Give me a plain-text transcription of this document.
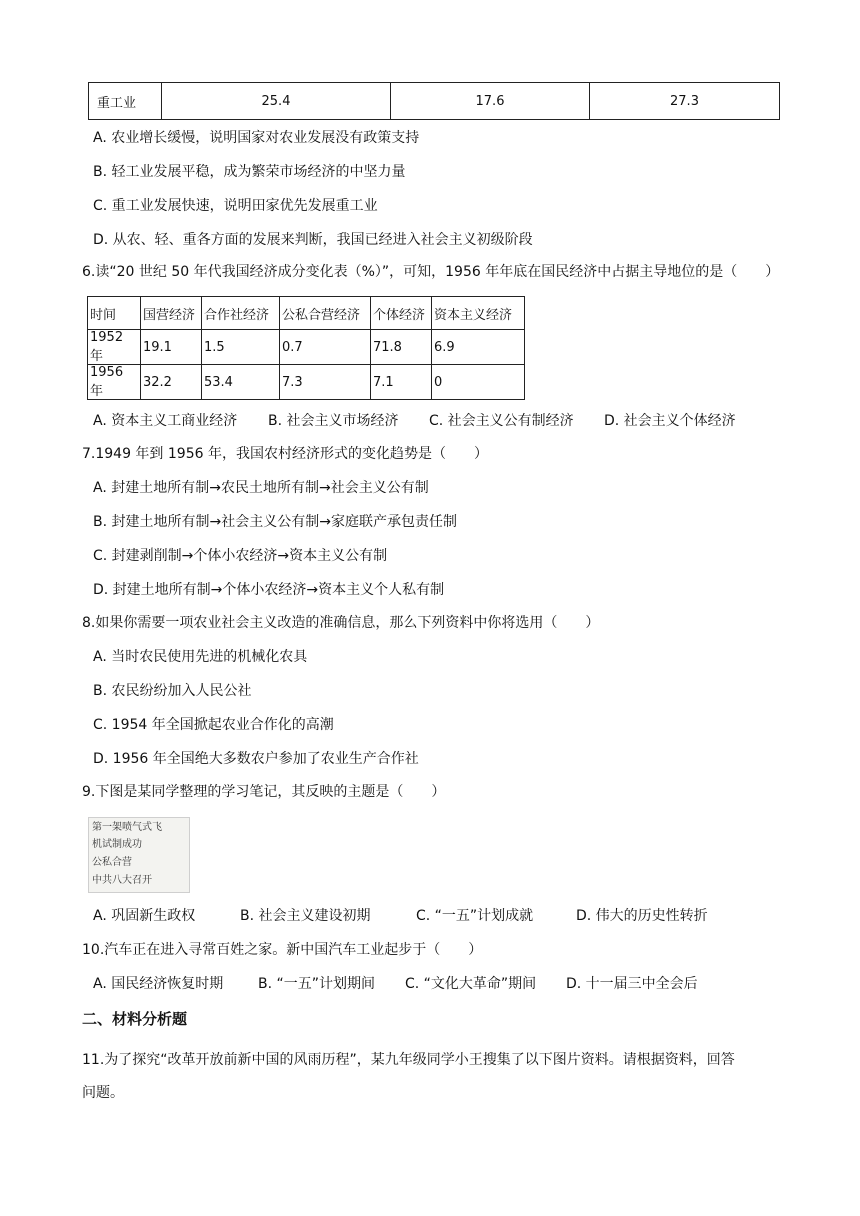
重工业	25.4	17.6	27.3
A. 农业增长缓慢，说明国家对农业发展没有政策支持
B. 轻工业发展平稳，成为繁荣市场经济的中坚力量
C. 重工业发展快速，说明田家优先发展重工业
D. 从农、轻、重各方面的发展来判断，我国已经进入社会主义初级阶段
6.读“20 世纪 50 年代我国经济成分变化表（%）”，可知，1956 年年底在国民经济中占据主导地位的是（　　）
时间	国营经济	合作社经济	公私合营经济	个体经济	资本主义经济
1952 年	19.1	1.5	0.7	71.8	6.9
1956 年	32.2	53.4	7.3	7.1	0
A. 资本主义工商业经济 B. 社会主义市场经济 C. 社会主义公有制经济 D. 社会主义个体经济
7.1949 年到 1956 年，我国农村经济形式的变化趋势是（　　）
A. 封建土地所有制→农民土地所有制→社会主义公有制
B. 封建土地所有制→社会主义公有制→家庭联产承包责任制
C. 封建剥削制→个体小农经济→资本主义公有制
D. 封建土地所有制→个体小农经济→资本主义个人私有制
8.如果你需要一项农业社会主义改造的准确信息，那么下列资料中你将选用（　　）
A. 当时农民使用先进的机械化农具
B. 农民纷纷加入人民公社
C. 1954 年全国掀起农业合作化的高潮
D. 1956 年全国绝大多数农户参加了农业生产合作社
9.下图是某同学整理的学习笔记，其反映的主题是（　　）
第一架喷气式飞
机试制成功
公私合营
中共八大召开
A. 巩固新生政权	B. 社会主义建设初期	C. “一五”计划成就	D. 伟大的历史性转折
10.汽车正在进入寻常百姓之家。新中国汽车工业起步于（　　）
A. 国民经济恢复时期 B. “一五”计划期间 C. “文化大革命”期间 D. 十一届三中全会后
二、材料分析题
11.为了探究“改革开放前新中国的风雨历程”，某九年级同学小王搜集了以下图片资料。请根据资料，回答
问题。
